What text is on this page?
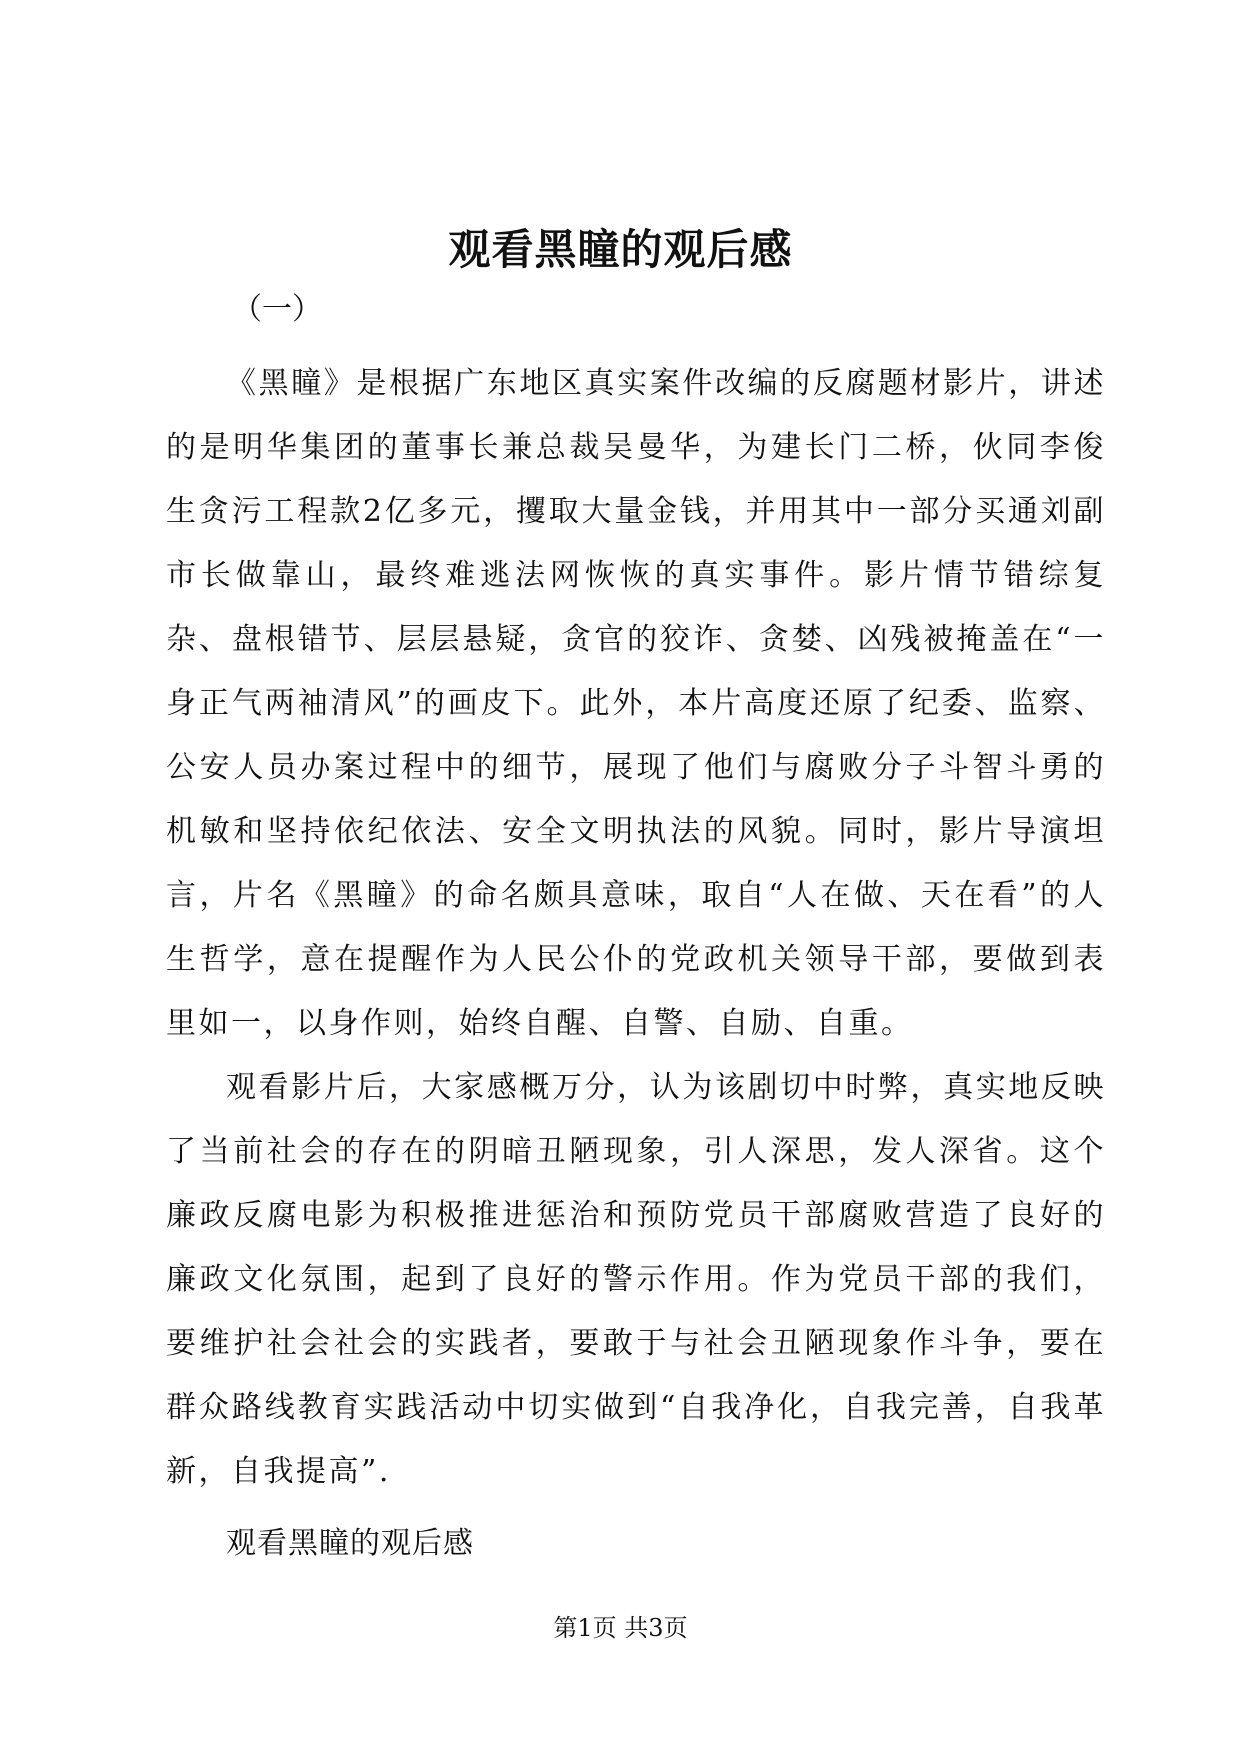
观看黑瞳的观后感

（一）

《黑瞳》是根据广东地区真实案件改编的反腐题材影片，讲述的是明华集团的董事长兼总裁吴曼华，为建长门二桥，伙同李俊生贪污工程款2亿多元，攫取大量金钱，并用其中一部分买通刘副市长做靠山，最终难逃法网恢恢的真实事件。影片情节错综复杂、盘根错节、层层悬疑，贪官的狡诈、贪婪、凶残被掩盖在“一身正气两袖清风”的画皮下。此外，本片高度还原了纪委、监察、公安人员办案过程中的细节，展现了他们与腐败分子斗智斗勇的机敏和坚持依纪依法、安全文明执法的风貌。同时，影片导演坦言，片名《黑瞳》的命名颇具意味，取自“人在做、天在看”的人生哲学，意在提醒作为人民公仆的党政机关领导干部，要做到表里如一，以身作则，始终自醒、自警、自励、自重。

观看影片后，大家感概万分，认为该剧切中时弊，真实地反映了当前社会的存在的阴暗丑陋现象，引人深思，发人深省。这个廉政反腐电影为积极推进惩治和预防党员干部腐败营造了良好的廉政文化氛围，起到了良好的警示作用。作为党员干部的我们，要维护社会社会的实践者，要敢于与社会丑陋现象作斗争，要在群众路线教育实践活动中切实做到“自我净化，自我完善，自我革新，自我提高”.

观看黑瞳的观后感

第1页 共3页
